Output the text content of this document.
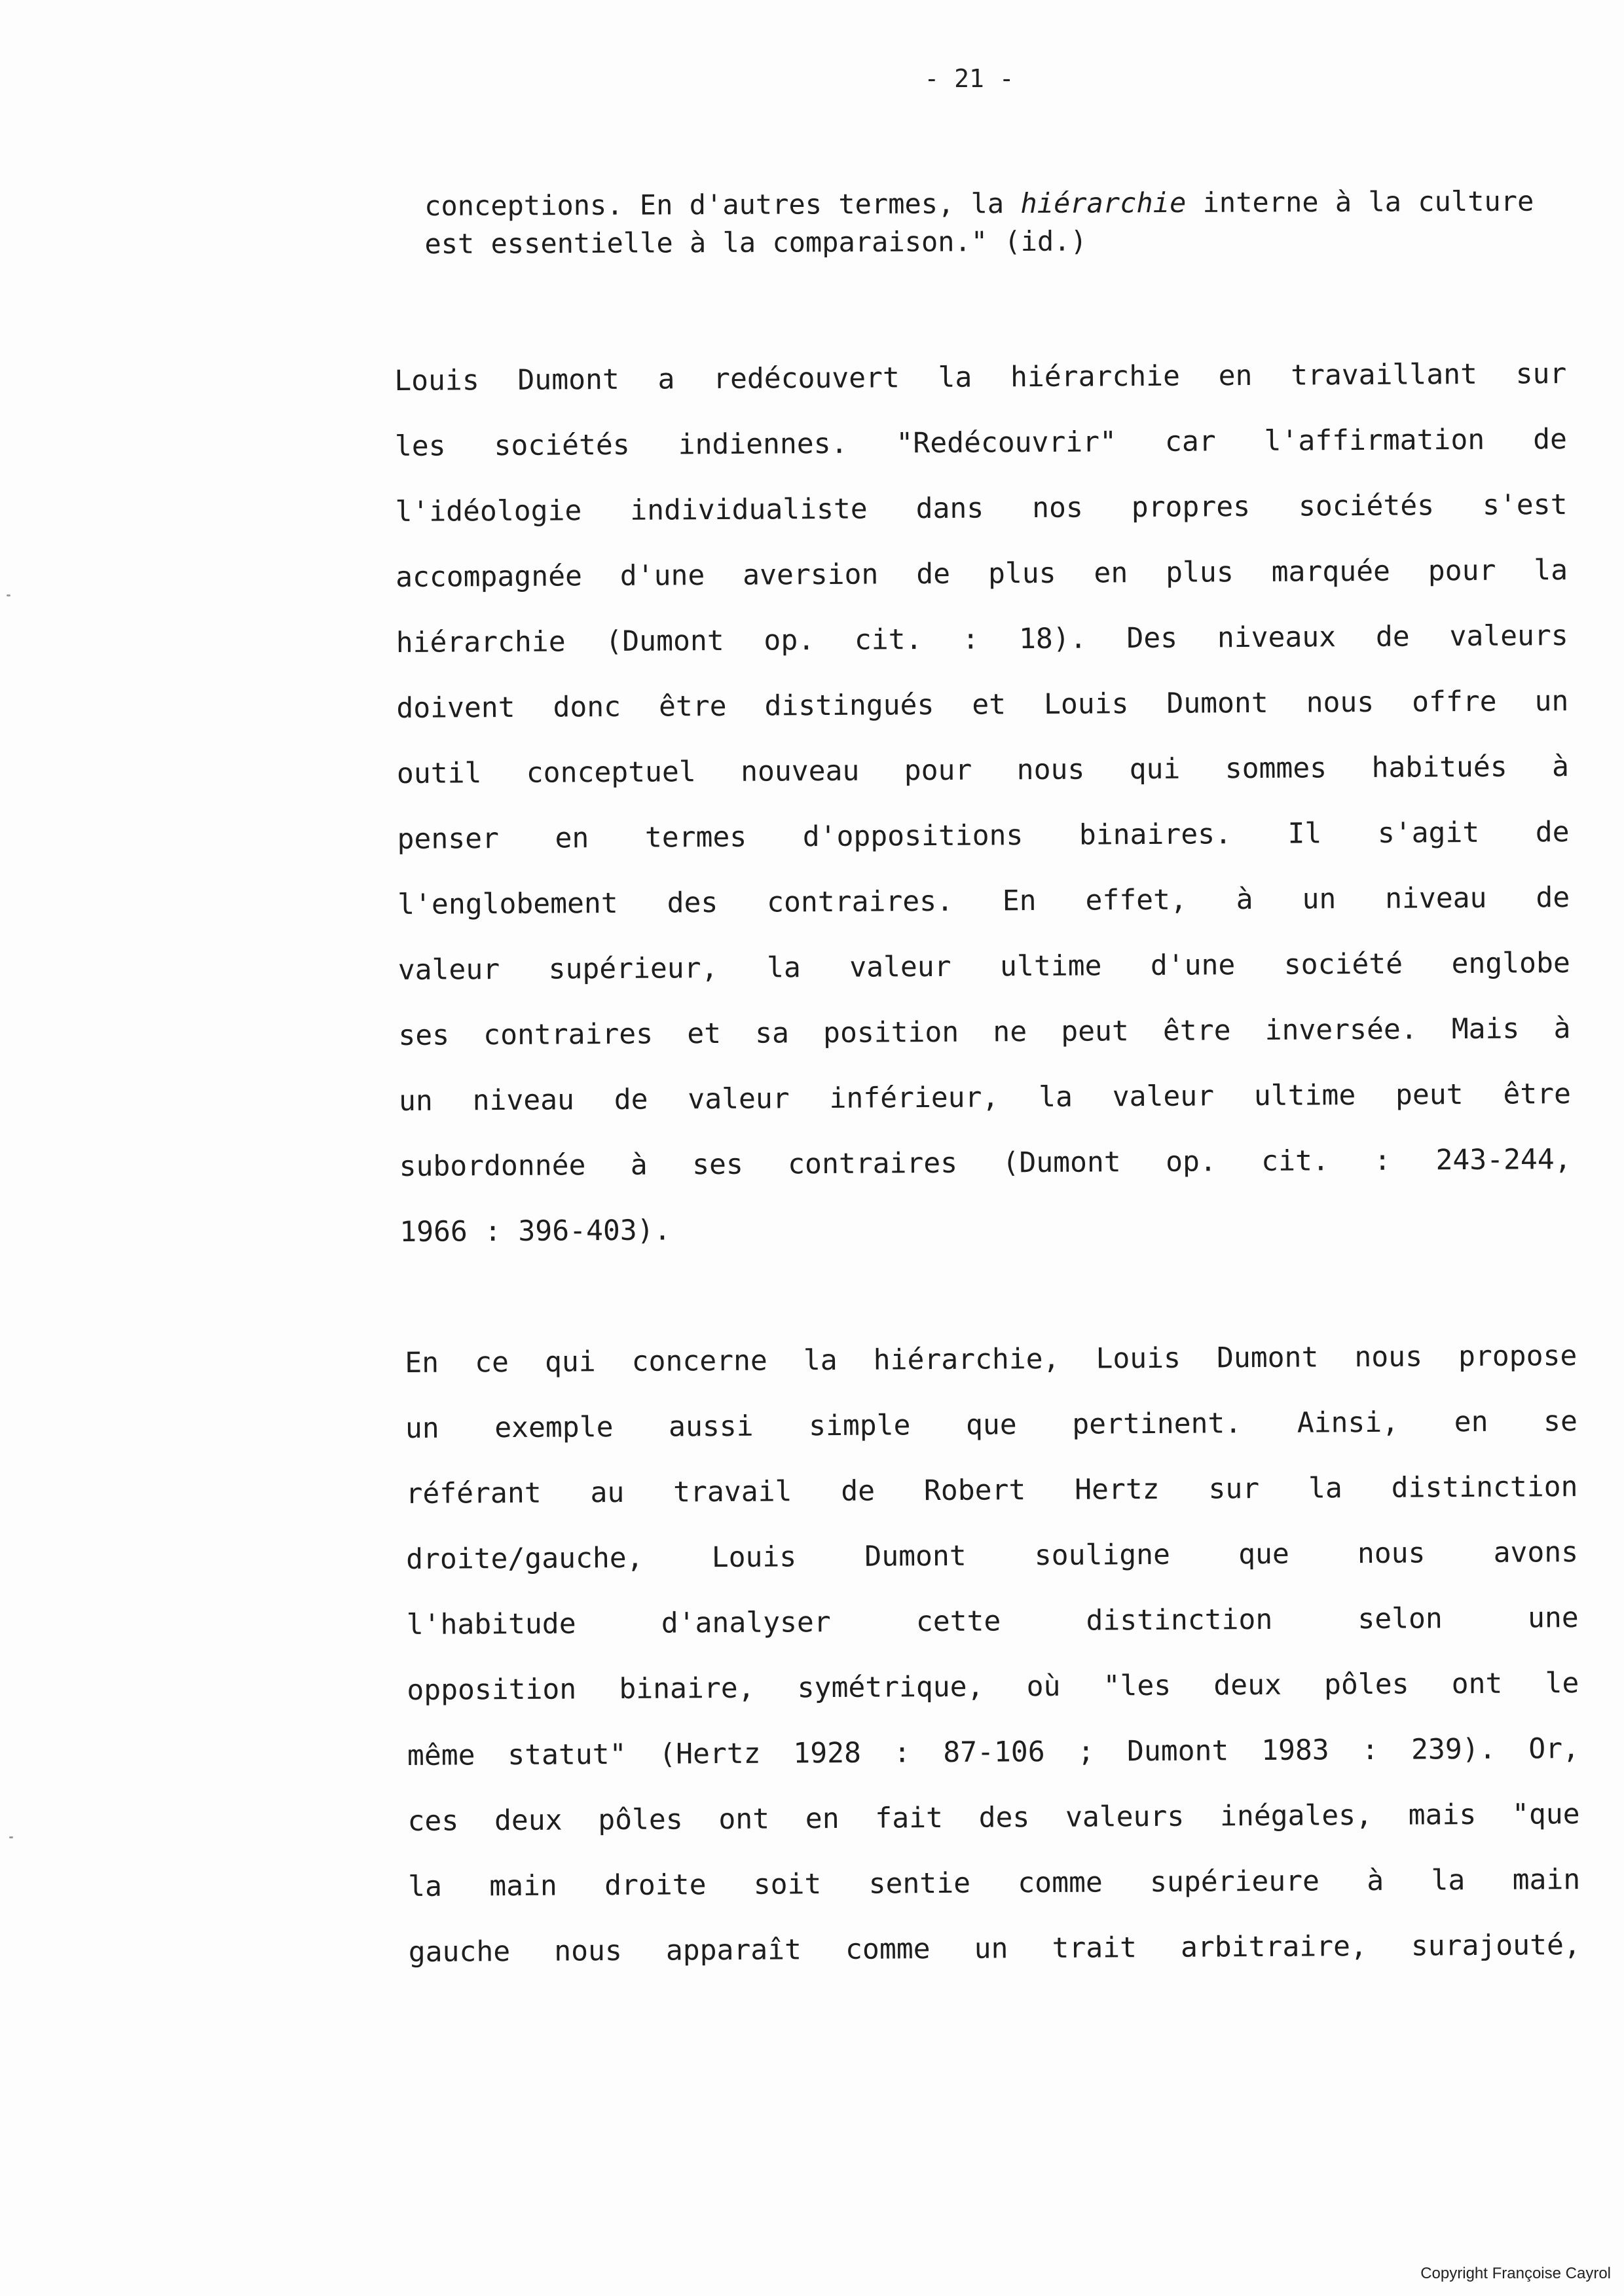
- 21 -
conceptions. En d'autres termes, la hiérarchie interne à la culture
est essentielle à la comparaison." (id.)
Louis Dumont a redécouvert la hiérarchie en travaillant sur
les sociétés indiennes. "Redécouvrir" car l'affirmation de
l'idéologie individualiste dans nos propres sociétés s'est
accompagnée d'une aversion de plus en plus marquée pour la
hiérarchie (Dumont op. cit. : 18). Des niveaux de valeurs
doivent donc être distingués et Louis Dumont nous offre un
outil conceptuel nouveau pour nous qui sommes habitués à
penser en termes d'oppositions binaires. Il s'agit de
l'englobement des contraires. En effet, à un niveau de
valeur supérieur, la valeur ultime d'une société englobe
ses contraires et sa position ne peut être inversée. Mais à
un niveau de valeur inférieur, la valeur ultime peut être
subordonnée à ses contraires (Dumont op. cit. : 243-244,
1966 : 396-403).
En ce qui concerne la hiérarchie, Louis Dumont nous propose
un exemple aussi simple que pertinent. Ainsi, en se
référant au travail de Robert Hertz sur la distinction
droite/gauche, Louis Dumont souligne que nous avons
l'habitude d'analyser cette distinction selon une
opposition binaire, symétrique, où "les deux pôles ont le
même statut" (Hertz 1928 : 87-106 ; Dumont 1983 : 239). Or,
ces deux pôles ont en fait des valeurs inégales, mais "que
la main droite soit sentie comme supérieure à la main
gauche nous apparaît comme un trait arbitraire, surajouté,
Copyright Françoise Cayrol
